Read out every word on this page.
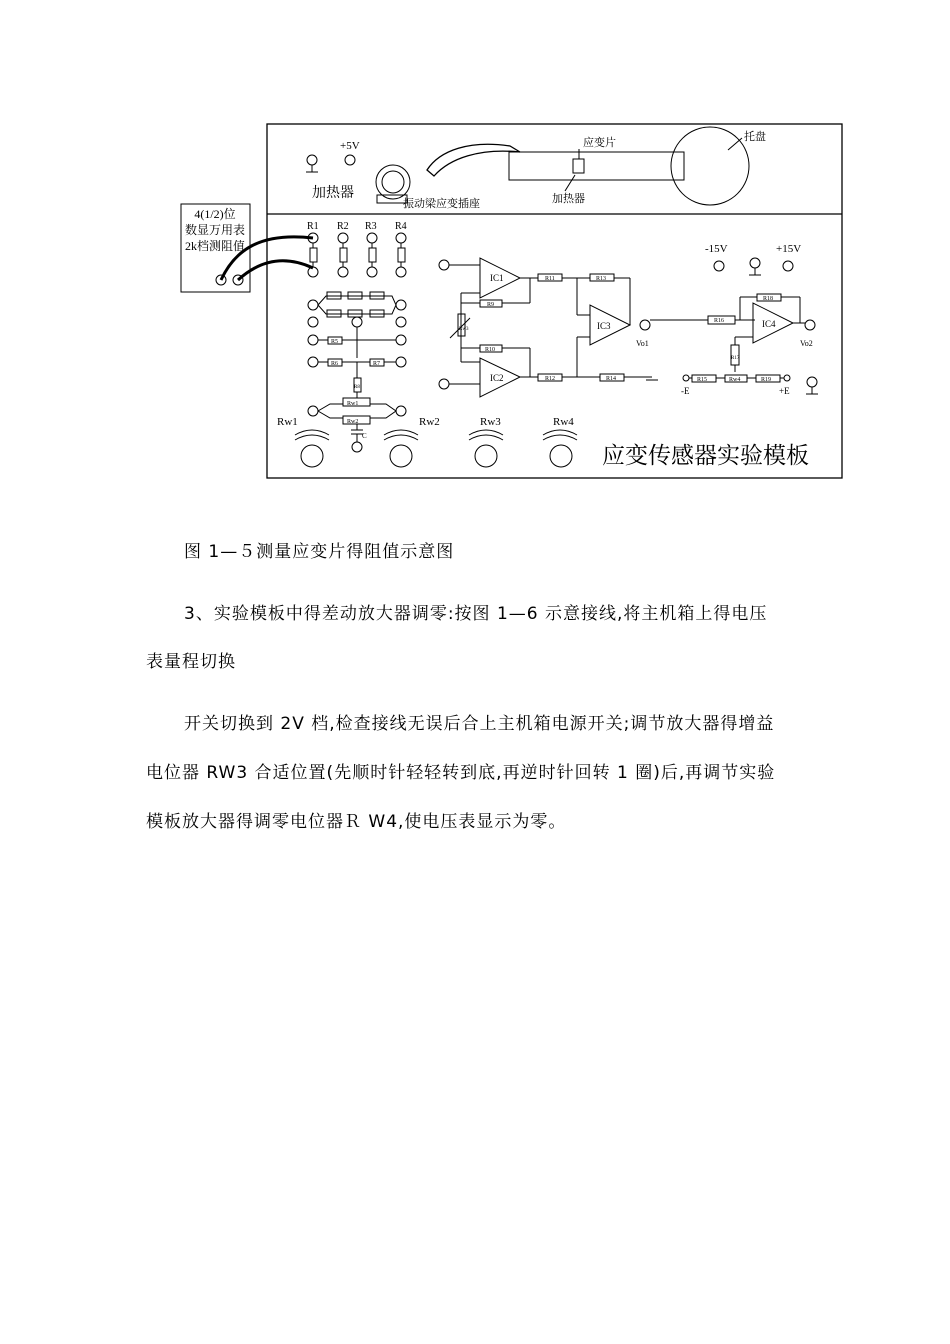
4(1/2)位
数显万用表
2k档测阻值
+5V
加热器
振动梁应变插座
应变片
加热器
托盘
R1 R2 R3 R4
R5
R6	R7
R8
Rw1
Rw2
C
IC1
IC2
Rw3
R9
R10
R11
R12
IC3
R13
R14
Vo1
R16	IC4
R18
Vo2
R17
R15	Rw4	R19
-E	+E
-15V	+15V
Rw1	Rw2	Rw3	Rw4
应变传感器实验模板

图 1—５测量应变片得阻值示意图

3、实验模板中得差动放大器调零:按图 1—6 示意接线,将主机箱上得电压

表量程切换

开关切换到 2V 档,检查接线无误后合上主机箱电源开关;调节放大器得增益

电位器 RW3 合适位置(先顺时针轻轻转到底,再逆时针回转 1 圈)后,再调节实验

模板放大器得调零电位器Ｒ W4,使电压表显示为零。
